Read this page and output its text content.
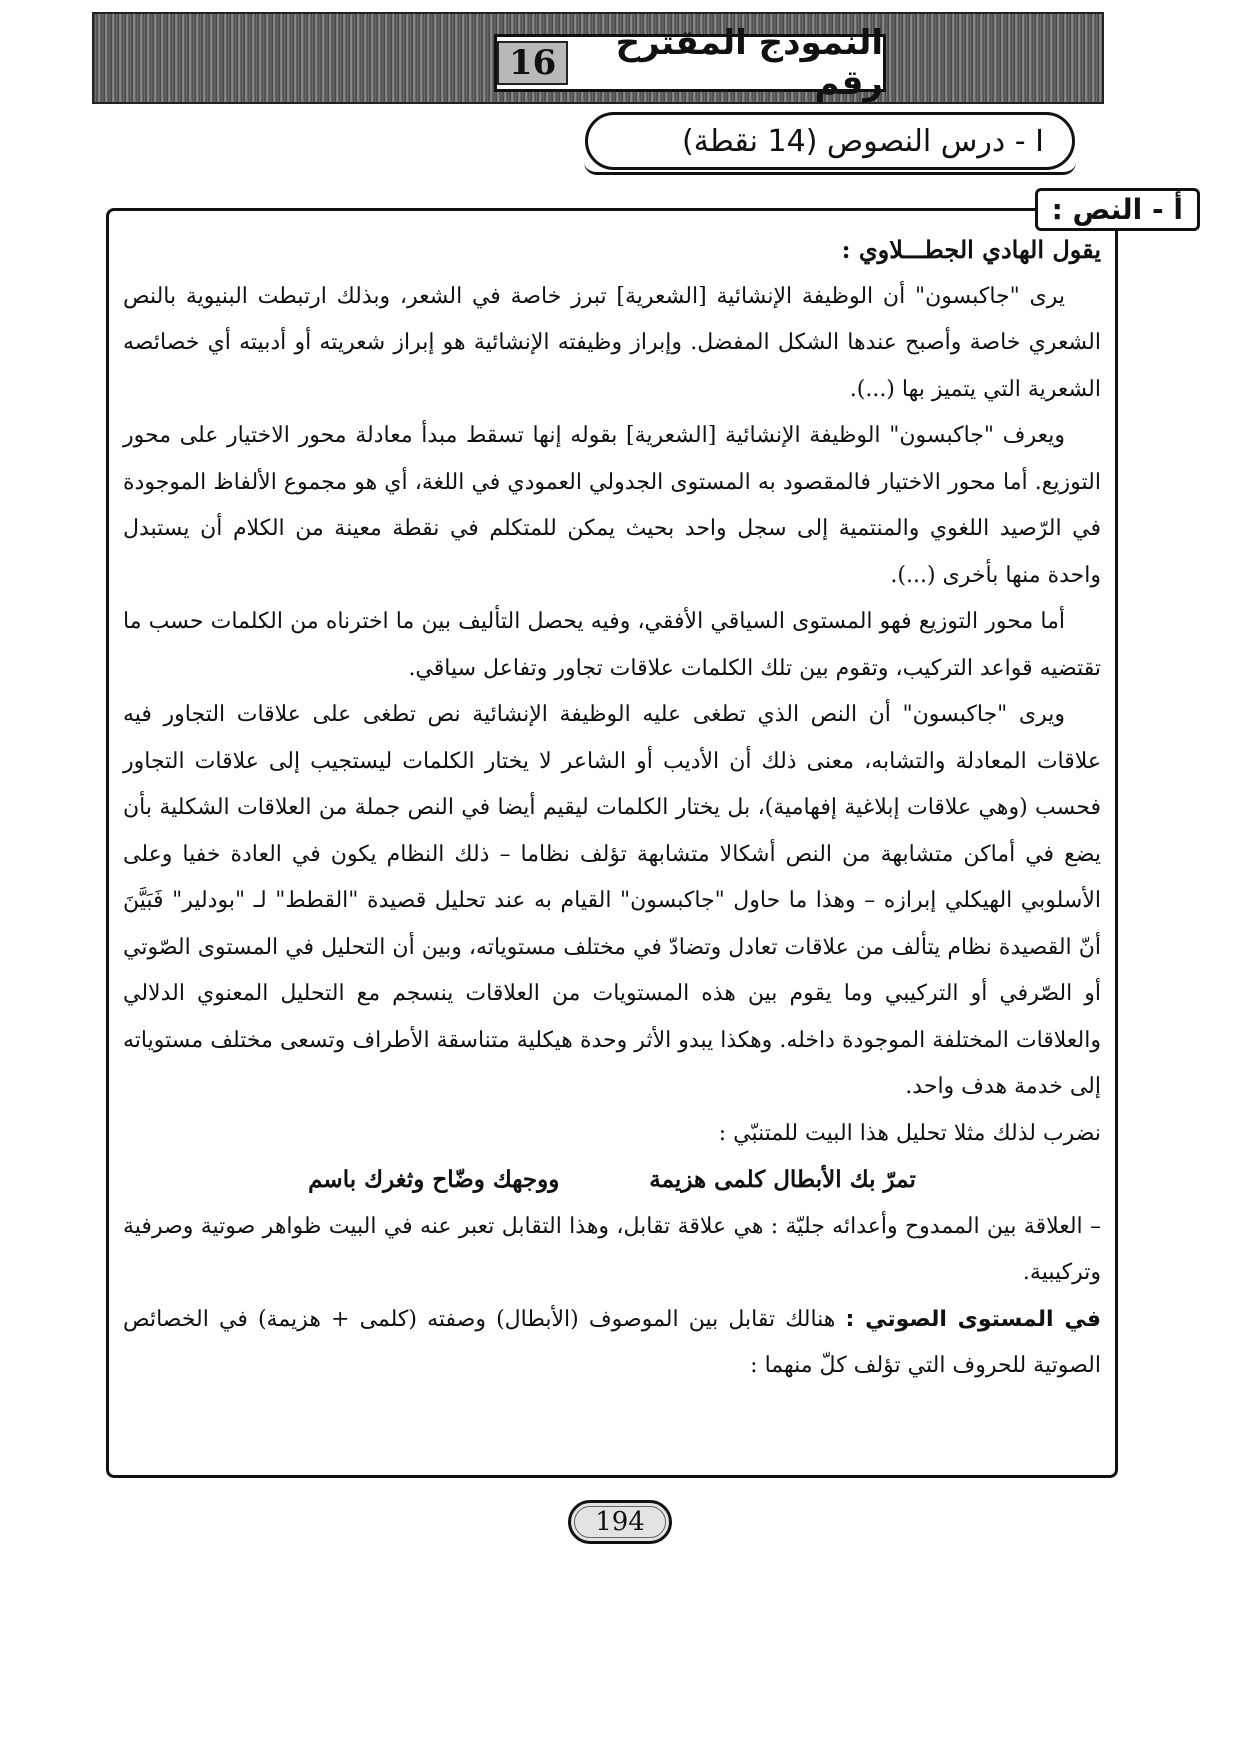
النموذج المقترح رقم
16
I - درس النصوص (14 نقطة)
أ - النص :

يقول الهادي الجطـــلاوي :

يرى "جاكبسون" أن الوظيفة الإنشائية [الشعرية] تبرز خاصة في الشعر، وبذلك ارتبطت البنيوية بالنص الشعري خاصة وأصبح عندها الشكل المفضل. وإبراز وظيفته الإنشائية هو إبراز شعريته أو أدبيته أي خصائصه الشعرية التي يتميز بها (...).

ويعرف "جاكبسون" الوظيفة الإنشائية [الشعرية] بقوله إنها تسقط مبدأ معادلة محور الاختيار على محور التوزيع. أما محور الاختيار فالمقصود به المستوى الجدولي العمودي في اللغة، أي هو مجموع الألفاظ الموجودة في الرّصيد اللغوي والمنتمية إلى سجل واحد بحيث يمكن للمتكلم في نقطة معينة من الكلام أن يستبدل واحدة منها بأخرى (...).

أما محور التوزيع فهو المستوى السياقي الأفقي، وفيه يحصل التأليف بين ما اخترناه من الكلمات حسب ما تقتضيه قواعد التركيب، وتقوم بين تلك الكلمات علاقات تجاور وتفاعل سياقي.

ويرى "جاكبسون" أن النص الذي تطغى عليه الوظيفة الإنشائية نص تطغى على علاقات التجاور فيه علاقات المعادلة والتشابه، معنى ذلك أن الأديب أو الشاعر لا يختار الكلمات ليستجيب إلى علاقات التجاور فحسب (وهي علاقات إبلاغية إفهامية)، بل يختار الكلمات ليقيم أيضا في النص جملة من العلاقات الشكلية بأن يضع في أماكن متشابهة من النص أشكالا متشابهة تؤلف نظاما – ذلك النظام يكون في العادة خفيا وعلى الأسلوبي الهيكلي إبرازه – وهذا ما حاول "جاكبسون" القيام به عند تحليل قصيدة "القطط" لـ "بودلير" فَبَيَّنَ أنّ القصيدة نظام يتألف من علاقات تعادل وتضادّ في مختلف مستوياته، وبين أن التحليل في المستوى الصّوتي أو الصّرفي أو التركيبي وما يقوم بين هذه المستويات من العلاقات ينسجم مع التحليل المعنوي الدلالي والعلاقات المختلفة الموجودة داخله. وهكذا يبدو الأثر وحدة هيكلية متناسقة الأطراف وتسعى مختلف مستوياته إلى خدمة هدف واحد.

نضرب لذلك مثلا تحليل هذا البيت للمتنبّي :

تمرّ بك الأبطال كلمى هزيمة
ووجهك وضّاح وثغرك باسم

– العلاقة بين الممدوح وأعدائه جليّة : هي علاقة تقابل، وهذا التقابل تعبر عنه في البيت ظواهر صوتية وصرفية وتركيبية.

في المستوى الصوتي : هنالك تقابل بين الموصوف (الأبطال) وصفته (كلمى + هزيمة) في الخصائص الصوتية للحروف التي تؤلف كلّ منهما :

194
